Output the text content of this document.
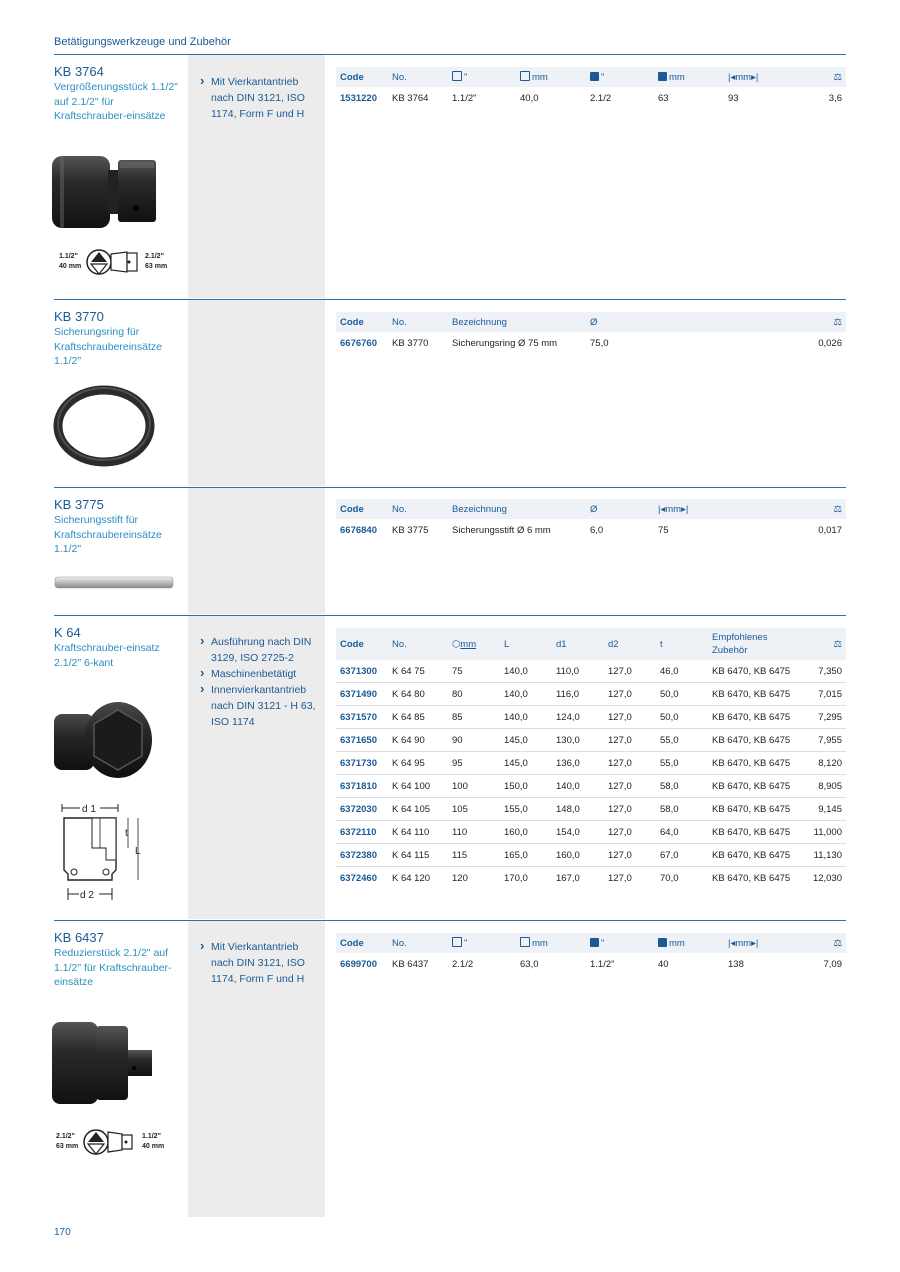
Betätigungswerkzeuge und Zubehör
KB 3764
Vergrößerungsstück 1.1/2" auf 2.1/2" für Kraftschrauber-einsätze
› Mit Vierkantantrieb nach DIN 3121, ISO 1174, Form F und H
1.1/2"
40 mm
2.1/2"
63 mm
Code	No.	"	mm	"	mm	|◂mm▸|	⚖
1531220	KB 3764	1.1/2"	40,0	2.1/2	63	93	3,6
KB 3770
Sicherungsring für Kraftschraubereinsätze 1.1/2"
Code	No.	Bezeichnung	Ø	⚖
6676760	KB 3770	Sicherungsring Ø 75 mm	75,0	0,026
KB 3775
Sicherungsstift für Kraftschraubereinsätze 1.1/2"
Code	No.	Bezeichnung	Ø	|◂mm▸|	⚖
6676840	KB 3775	Sicherungsstift Ø 6 mm	6,0	75	0,017
K 64
Kraftschrauber-einsatz 2.1/2" 6-kant
› Ausführung nach DIN 3129, ISO 2725-2
› Maschinenbetätigt
› Innenvierkantantrieb nach DIN 3121 - H 63, ISO 1174
d 1
t
L
d 2
Code	No.	⬡mm	L	d1	d2	t	Empfohlenes Zubehör	⚖
6371300	K 64 75	75	140,0	110,0	127,0	46,0	KB 6470, KB 6475	7,350
6371490	K 64 80	80	140,0	116,0	127,0	50,0	KB 6470, KB 6475	7,015
6371570	K 64 85	85	140,0	124,0	127,0	50,0	KB 6470, KB 6475	7,295
6371650	K 64 90	90	145,0	130,0	127,0	55,0	KB 6470, KB 6475	7,955
6371730	K 64 95	95	145,0	136,0	127,0	55,0	KB 6470, KB 6475	8,120
6371810	K 64 100	100	150,0	140,0	127,0	58,0	KB 6470, KB 6475	8,905
6372030	K 64 105	105	155,0	148,0	127,0	58,0	KB 6470, KB 6475	9,145
6372110	K 64 110	110	160,0	154,0	127,0	64,0	KB 6470, KB 6475	11,000
6372380	K 64 115	115	165,0	160,0	127,0	67,0	KB 6470, KB 6475	11,130
6372460	K 64 120	120	170,0	167,0	127,0	70,0	KB 6470, KB 6475	12,030
KB 6437
Reduzierstück 2.1/2" auf 1.1/2" für Kraftschrauber-einsätze
› Mit Vierkantantrieb nach DIN 3121, ISO 1174, Form F und H
2.1/2"
63 mm
1.1/2"
40 mm
Code	No.	"	mm	"	mm	|◂mm▸|	⚖
6699700	KB 6437	2.1/2	63,0	1.1/2"	40	138	7,09
170
